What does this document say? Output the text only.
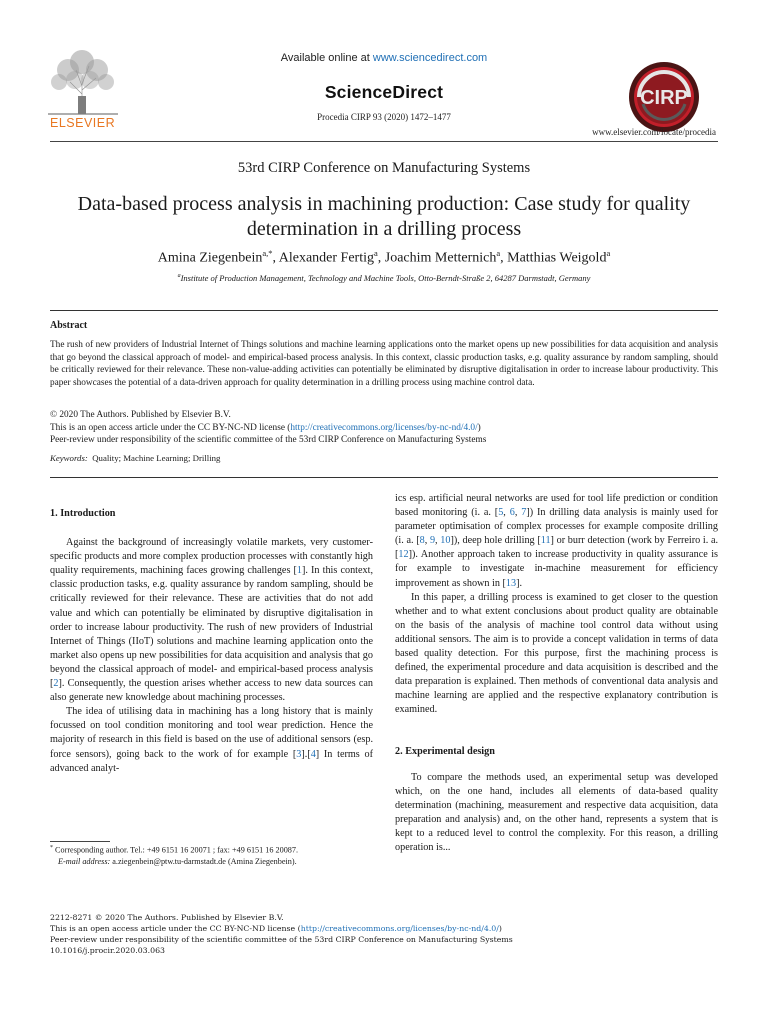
ELSEVIER
Available online at www.sciencedirect.com
ScienceDirect
Procedia CIRP 93 (2020) 1472–1477
CIRP
www.elsevier.com/locate/procedia
53rd CIRP Conference on Manufacturing Systems
Data-based process analysis in machining production: Case study for quality determination in a drilling process
Amina Ziegenbein$^{a,*}$, Alexander Fertig$^a$, Joachim Metternich$^a$, Matthias Weigold$^a$
$^a$Institute of Production Management, Technology and Machine Tools, Otto-Berndt-Straße 2, 64287 Darmstadt, Germany
Abstract
The rush of new providers of Industrial Internet of Things solutions and machine learning applications onto the market opens up new possibilities for data acquisition and analysis that go beyond the classical approach of model- and empirical-based process analysis. In this context, classic production tasks, e.g. quality assurance by random sampling, should be critically reviewed for their relevance. These non-value-adding activities can potentially be eliminated by disruptive digitalisation in order to increase labour productivity. This paper showcases the potential of a data-driven approach for quality determination in a drilling process using machine control data.
© 2020 The Authors. Published by Elsevier B.V.
This is an open access article under the CC BY-NC-ND license (http://creativecommons.org/licenses/by-nc-nd/4.0/)
Peer-review under responsibility of the scientific committee of the 53rd CIRP Conference on Manufacturing Systems
Keywords: Quality; Machine Learning; Drilling
1. Introduction
Against the background of increasingly volatile markets, very customer-specific products and more complex production processes with constantly high quality requirements, machining faces growing challenges [1]. In this context, classic production tasks, e.g. quality assurance by random sampling, should be critically reviewed for their relevance. These are activities that do not add value and which can potentially be eliminated by disruptive digitalisation in order to increase labour productivity. The rush of new providers of Industrial Internet of Things (IIoT) solutions and machine learning application onto the market also opens up new possibilities for data acquisition and analysis that go beyond the classical approach of model- and empirical-based process analysis [2]. Consequently, the question arises whether access to new data sources can also generate new knowledge about machining processes.
The idea of utilising data in machining has a long history that is mainly focussed on tool condition monitoring and tool wear prediction. Hence the majority of research in this field is based on the use of additional sensors (esp. force sensors), going back to the work of for example [3].[4] In terms of advanced analyt-
* Corresponding author. Tel.: +49 6151 16 20071 ; fax: +49 6151 16 20087.
E-mail address: a.ziegenbein@ptw.tu-darmstadt.de (Amina Ziegenbein).
ics esp. artificial neural networks are used for tool life prediction or condition based monitoring (i. a. [5, 6, 7]) In drilling data analysis is mainly used for parameter optimisation of complex processes for example composite drilling (i. a. [8, 9, 10]), deep hole drilling [11] or burr detection (work by Ferreiro i. a. [12]). Another approach taken to increase productivity in quality assurance is for example to investigate in-machine measurement for efficiency improvement as shown in [13].
In this paper, a drilling process is examined to get closer to the question whether and to what extent conclusions about product quality are obtainable on the basis of the analysis of machine tool control data without using additional sensors. The aim is to provide a concept validation in terms of data based quality detection. For this purpose, first the machining process is defined, the experimental procedure and data acquisition is described and the data preparation is explained. Then methods of conventional data analysis and machine learning are applied and the respective explanatory contribution is examined.
2. Experimental design
To compare the methods used, an experimental setup was developed which, on the one hand, includes all elements of data-based quality determination (machining, measurement and respective data acquisition, data preparation and analysis) and, on the other hand, represents a system that is kept to a reduced level to control the complexity. For this reason, a drilling operation is...
2212-8271 © 2020 The Authors. Published by Elsevier B.V.
This is an open access article under the CC BY-NC-ND license (http://creativecommons.org/licenses/by-nc-nd/4.0/)
Peer-review under responsibility of the scientific committee of the 53rd CIRP Conference on Manufacturing Systems
10.1016/j.procir.2020.03.063
